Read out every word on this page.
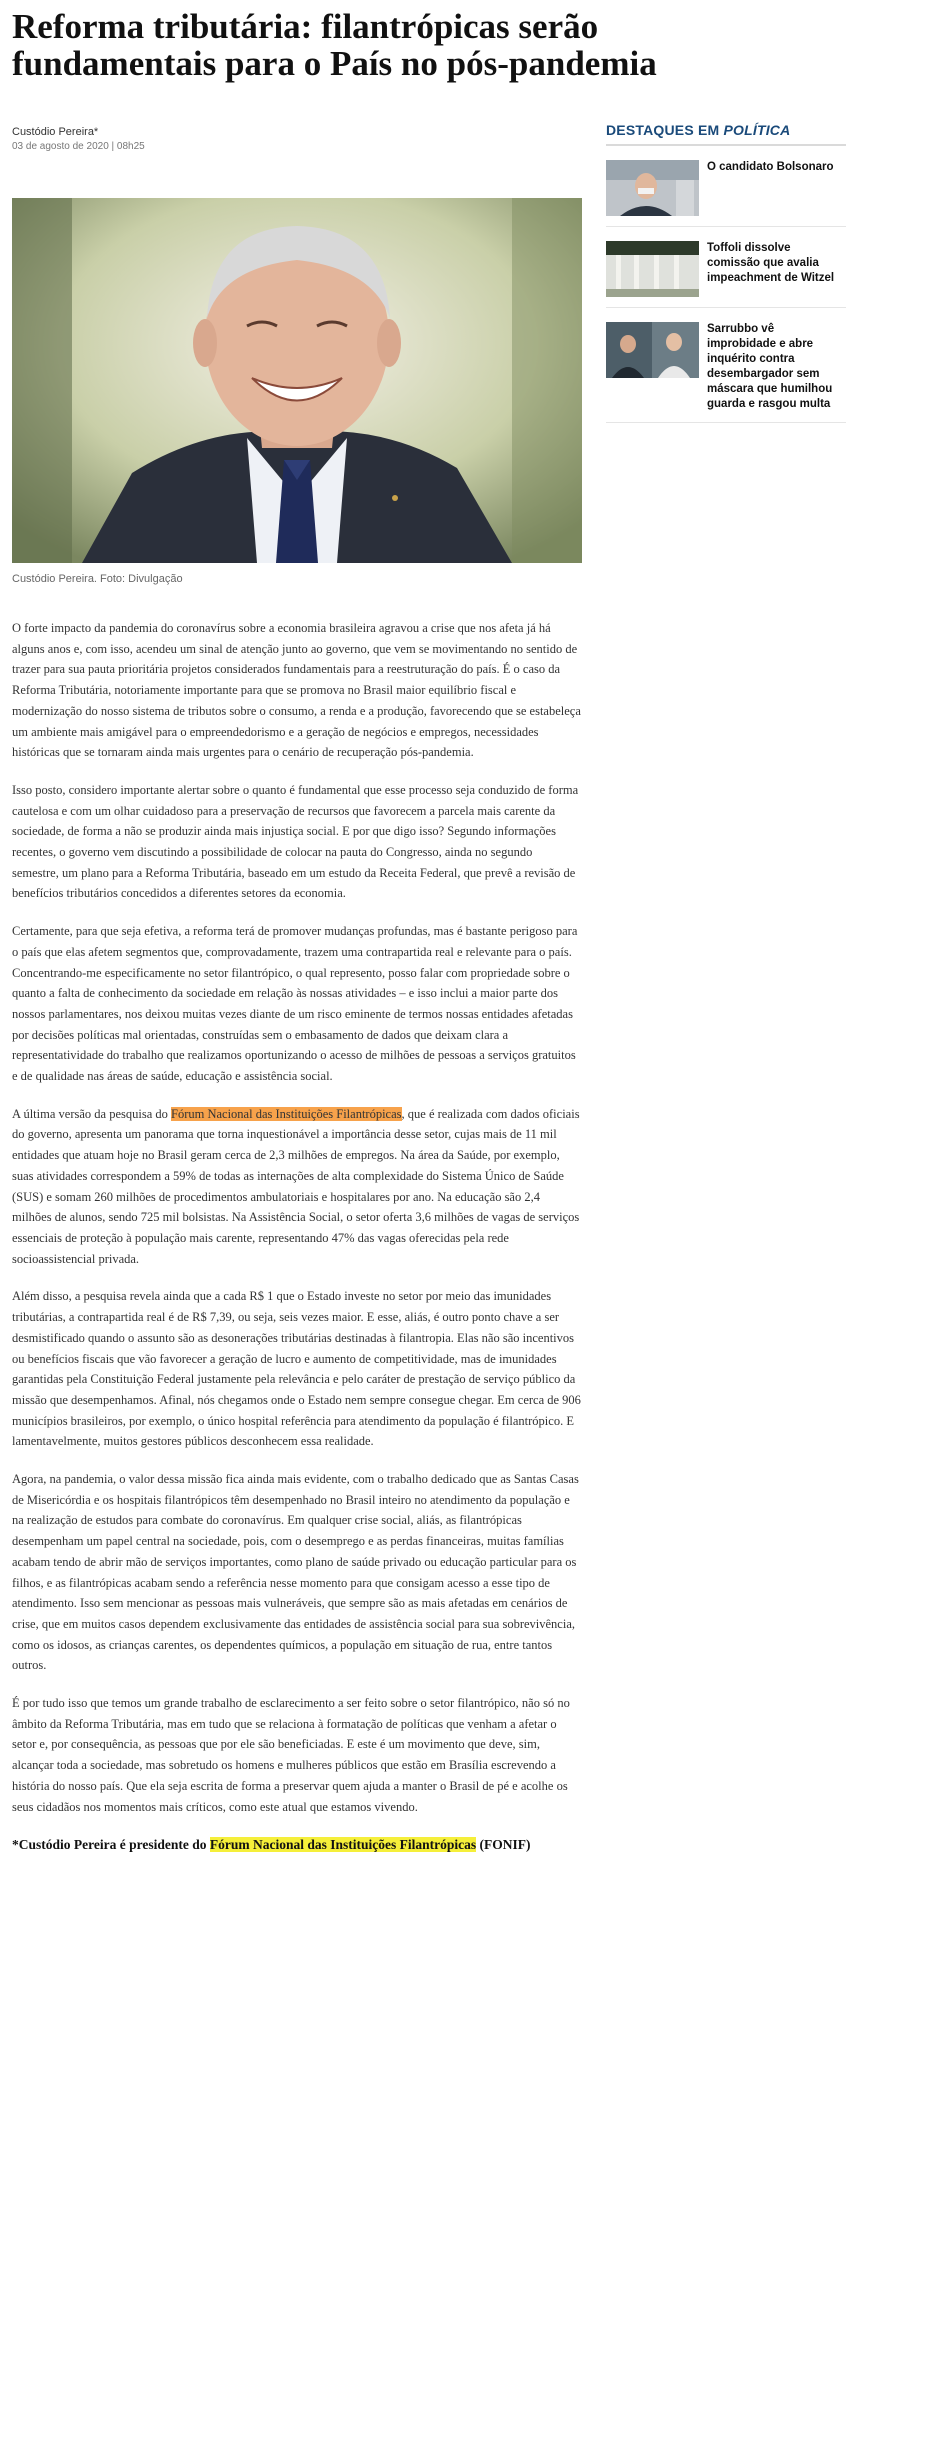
Reforma tributária: filantrópicas serão fundamentais para o País no pós-pandemia
Custódio Pereira*
03 de agosto de 2020 | 08h25
Custódio Pereira. Foto: Divulgação

O forte impacto da pandemia do coronavírus sobre a economia brasileira agravou a crise que nos afeta já há alguns anos e, com isso, acendeu um sinal de atenção junto ao governo, que vem se movimentando no sentido de trazer para sua pauta prioritária projetos considerados fundamentais para a reestruturação do país. É o caso da Reforma Tributária, notoriamente importante para que se promova no Brasil maior equilíbrio fiscal e modernização do nosso sistema de tributos sobre o consumo, a renda e a produção, favorecendo que se estabeleça um ambiente mais amigável para o empreendedorismo e a geração de negócios e empregos, necessidades históricas que se tornaram ainda mais urgentes para o cenário de recuperação pós-pandemia.

Isso posto, considero importante alertar sobre o quanto é fundamental que esse processo seja conduzido de forma cautelosa e com um olhar cuidadoso para a preservação de recursos que favorecem a parcela mais carente da sociedade, de forma a não se produzir ainda mais injustiça social. E por que digo isso? Segundo informações recentes, o governo vem discutindo a possibilidade de colocar na pauta do Congresso, ainda no segundo semestre, um plano para a Reforma Tributária, baseado em um estudo da Receita Federal, que prevê a revisão de benefícios tributários concedidos a diferentes setores da economia.

Certamente, para que seja efetiva, a reforma terá de promover mudanças profundas, mas é bastante perigoso para o país que elas afetem segmentos que, comprovadamente, trazem uma contrapartida real e relevante para o país. Concentrando-me especificamente no setor filantrópico, o qual represento, posso falar com propriedade sobre o quanto a falta de conhecimento da sociedade em relação às nossas atividades – e isso inclui a maior parte dos nossos parlamentares, nos deixou muitas vezes diante de um risco eminente de termos nossas entidades afetadas por decisões políticas mal orientadas, construídas sem o embasamento de dados que deixam clara a representatividade do trabalho que realizamos oportunizando o acesso de milhões de pessoas a serviços gratuitos e de qualidade nas áreas de saúde, educação e assistência social.

A última versão da pesquisa do Fórum Nacional das Instituições Filantrópicas, que é realizada com dados oficiais do governo, apresenta um panorama que torna inquestionável a importância desse setor, cujas mais de 11 mil entidades que atuam hoje no Brasil geram cerca de 2,3 milhões de empregos. Na área da Saúde, por exemplo, suas atividades correspondem a 59% de todas as internações de alta complexidade do Sistema Único de Saúde (SUS) e somam 260 milhões de procedimentos ambulatoriais e hospitalares por ano. Na educação são 2,4 milhões de alunos, sendo 725 mil bolsistas. Na Assistência Social, o setor oferta 3,6 milhões de vagas de serviços essenciais de proteção à população mais carente, representando 47% das vagas oferecidas pela rede socioassistencial privada.

Além disso, a pesquisa revela ainda que a cada R$ 1 que o Estado investe no setor por meio das imunidades tributárias, a contrapartida real é de R$ 7,39, ou seja, seis vezes maior. E esse, aliás, é outro ponto chave a ser desmistificado quando o assunto são as desonerações tributárias destinadas à filantropia. Elas não são incentivos ou benefícios fiscais que vão favorecer a geração de lucro e aumento de competitividade, mas de imunidades garantidas pela Constituição Federal justamente pela relevância e pelo caráter de prestação de serviço público da missão que desempenhamos. Afinal, nós chegamos onde o Estado nem sempre consegue chegar. Em cerca de 906 municípios brasileiros, por exemplo, o único hospital referência para atendimento da população é filantrópico. E lamentavelmente, muitos gestores públicos desconhecem essa realidade.

Agora, na pandemia, o valor dessa missão fica ainda mais evidente, com o trabalho dedicado que as Santas Casas de Misericórdia e os hospitais filantrópicos têm desempenhado no Brasil inteiro no atendimento da população e na realização de estudos para combate do coronavírus. Em qualquer crise social, aliás, as filantrópicas desempenham um papel central na sociedade, pois, com o desemprego e as perdas financeiras, muitas famílias acabam tendo de abrir mão de serviços importantes, como plano de saúde privado ou educação particular para os filhos, e as filantrópicas acabam sendo a referência nesse momento para que consigam acesso a esse tipo de atendimento. Isso sem mencionar as pessoas mais vulneráveis, que sempre são as mais afetadas em cenários de crise, que em muitos casos dependem exclusivamente das entidades de assistência social para sua sobrevivência, como os idosos, as crianças carentes, os dependentes químicos, a população em situação de rua, entre tantos outros.

É por tudo isso que temos um grande trabalho de esclarecimento a ser feito sobre o setor filantrópico, não só no âmbito da Reforma Tributária, mas em tudo que se relaciona à formatação de políticas que venham a afetar o setor e, por consequência, as pessoas que por ele são beneficiadas. E este é um movimento que deve, sim, alcançar toda a sociedade, mas sobretudo os homens e mulheres públicos que estão em Brasília escrevendo a história do nosso país. Que ela seja escrita de forma a preservar quem ajuda a manter o Brasil de pé e acolhe os seus cidadãos nos momentos mais críticos, como este atual que estamos vivendo.

*Custódio Pereira é presidente do Fórum Nacional das Instituições Filantrópicas (FONIF)

DESTAQUES EM POLÍTICA
O candidato Bolsonaro
Toffoli dissolve comissão que avalia impeachment de Witzel
Sarrubbo vê improbidade e abre inquérito contra desembargador sem máscara que humilhou guarda e rasgou multa
